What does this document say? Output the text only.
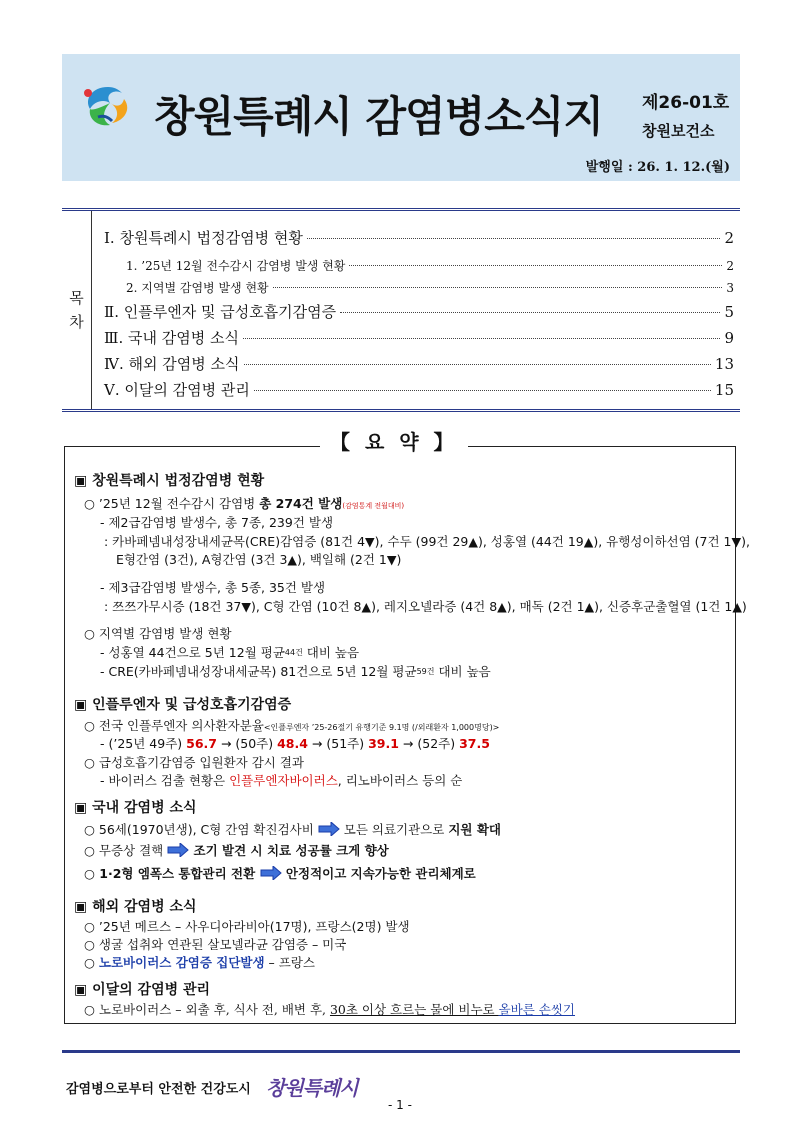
창원특례시 감염병소식지 제26-01호
창원보건소
발행일 : 26. 1. 12.(월)
목
차
Ⅰ. 창원특례시 법정감염병 현황	2
1. ’25년 12월 전수감시 감염병 발생 현황	2
2. 지역별 감염병 발생 현황	3
Ⅱ. 인플루엔자 및 급성호흡기감염증	5
Ⅲ. 국내 감염병 소식	9
Ⅳ. 해외 감염병 소식	13
Ⅴ. 이달의 감염병 관리	15
【 요 약 】
▣ 창원특례시 법정감염병 현황
○ ’25년 12월 전수감시 감염병 총 274건 발생(감염통계 전월대비)
- 제2급감염병 발생수, 총 7종, 239건 발생
: 카바페넴내성장내세균목(CRE)감염증 (81건 4▼), 수두 (99건 29▲), 성홍열 (44건 19▲), 유행성이하선염 (7건 1▼),
E형간염 (3건), A형간염 (3건 3▲), 백일해 (2건 1▼)
- 제3급감염병 발생수, 총 5종, 35건 발생
: 쯔쯔가무시증 (18건 37▼), C형 간염 (10건 8▲), 레지오넬라증 (4건 8▲), 매독 (2건 1▲), 신증후군출혈열 (1건 1▲)
○ 지역별 감염병 발생 현황
- 성홍열 44건으로 5년 12월 평균$^{44건}$ 대비 높음
- CRE(카바페넴내성장내세균목) 81건으로 5년 12월 평균$^{59건}$ 대비 높음
▣ 인플루엔자 및 급성호흡기감염증
○ 전국 인플루엔자 의사환자분율<인플루엔자 ’25-26절기 유행기준 9.1명 (/외래환자 1,000명당)>
- (’25년 49주) 56.7 → (50주) 48.4 → (51주) 39.1 → (52주) 37.5
○ 급성호흡기감염증 입원환자 감시 결과
- 바이러스 검출 현황은 인플루엔자바이러스, 리노바이러스 등의 순
▣ 국내 감염병 소식
○ 56세(1970년생), C형 간염 확진검사비  모든 의료기관으로 지원 확대
○ 무증상 결핵  조기 발견 시 치료 성공률 크게 향상
○ 1·2형 엠폭스 통합관리 전환  안정적이고 지속가능한 관리체계로
▣ 해외 감염병 소식
○ ’25년 메르스 – 사우디아라비아(17명), 프랑스(2명) 발생
○ 생굴 섭취와 연관된 살모넬라균 감염증 – 미국
○ 노로바이러스 감염증 집단발생 – 프랑스
▣ 이달의 감염병 관리
○ 노로바이러스 – 외출 후, 식사 전, 배변 후, 30초 이상 흐르는 물에 비누로 올바른 손씻기
감염병으로부터 안전한 건강도시 창원특례시
- 1 -
